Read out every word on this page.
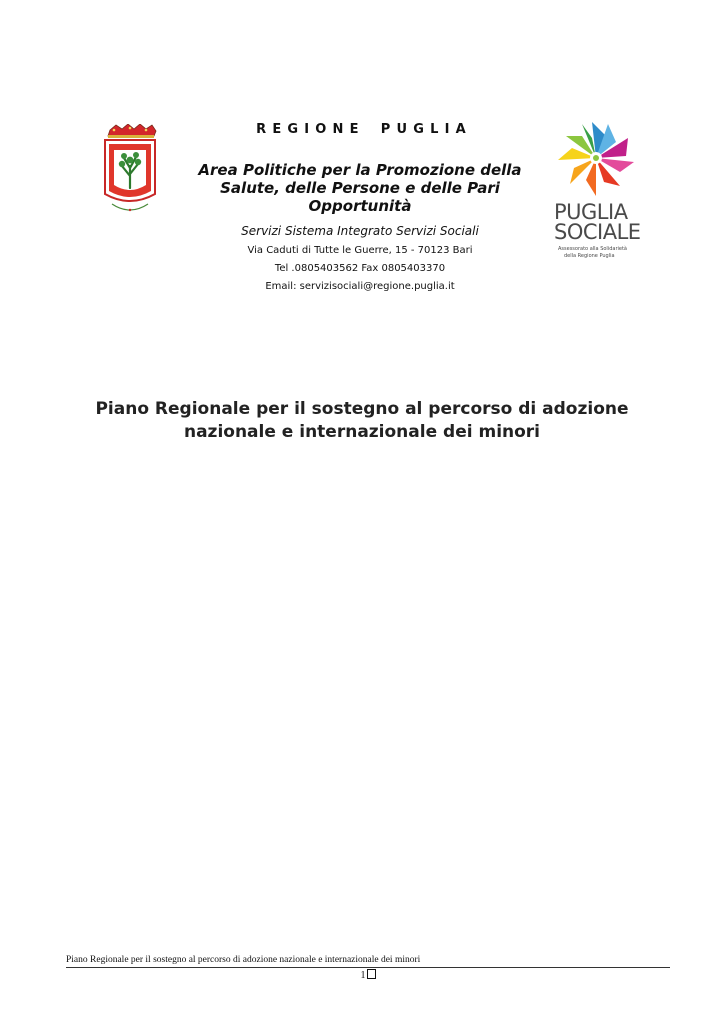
REGIONE PUGLIA

Area Politiche per la Promozione della Salute, delle Persone e delle Pari Opportunità

Servizi Sistema Integrato Servizi Sociali

Via Caduti di Tutte le Guerre, 15 - 70123 Bari

Tel .0805403562 Fax 0805403370

Email: servizisociali@regione.puglia.it

PUGLIA
SOCIALE
Assessorato alla Solidarietà
della Regione Puglia
Piano Regionale per il sostegno al percorso di adozione nazionale e internazionale dei minori
Piano Regionale per il sostegno al percorso di adozione nazionale e internazionale dei minori
1
